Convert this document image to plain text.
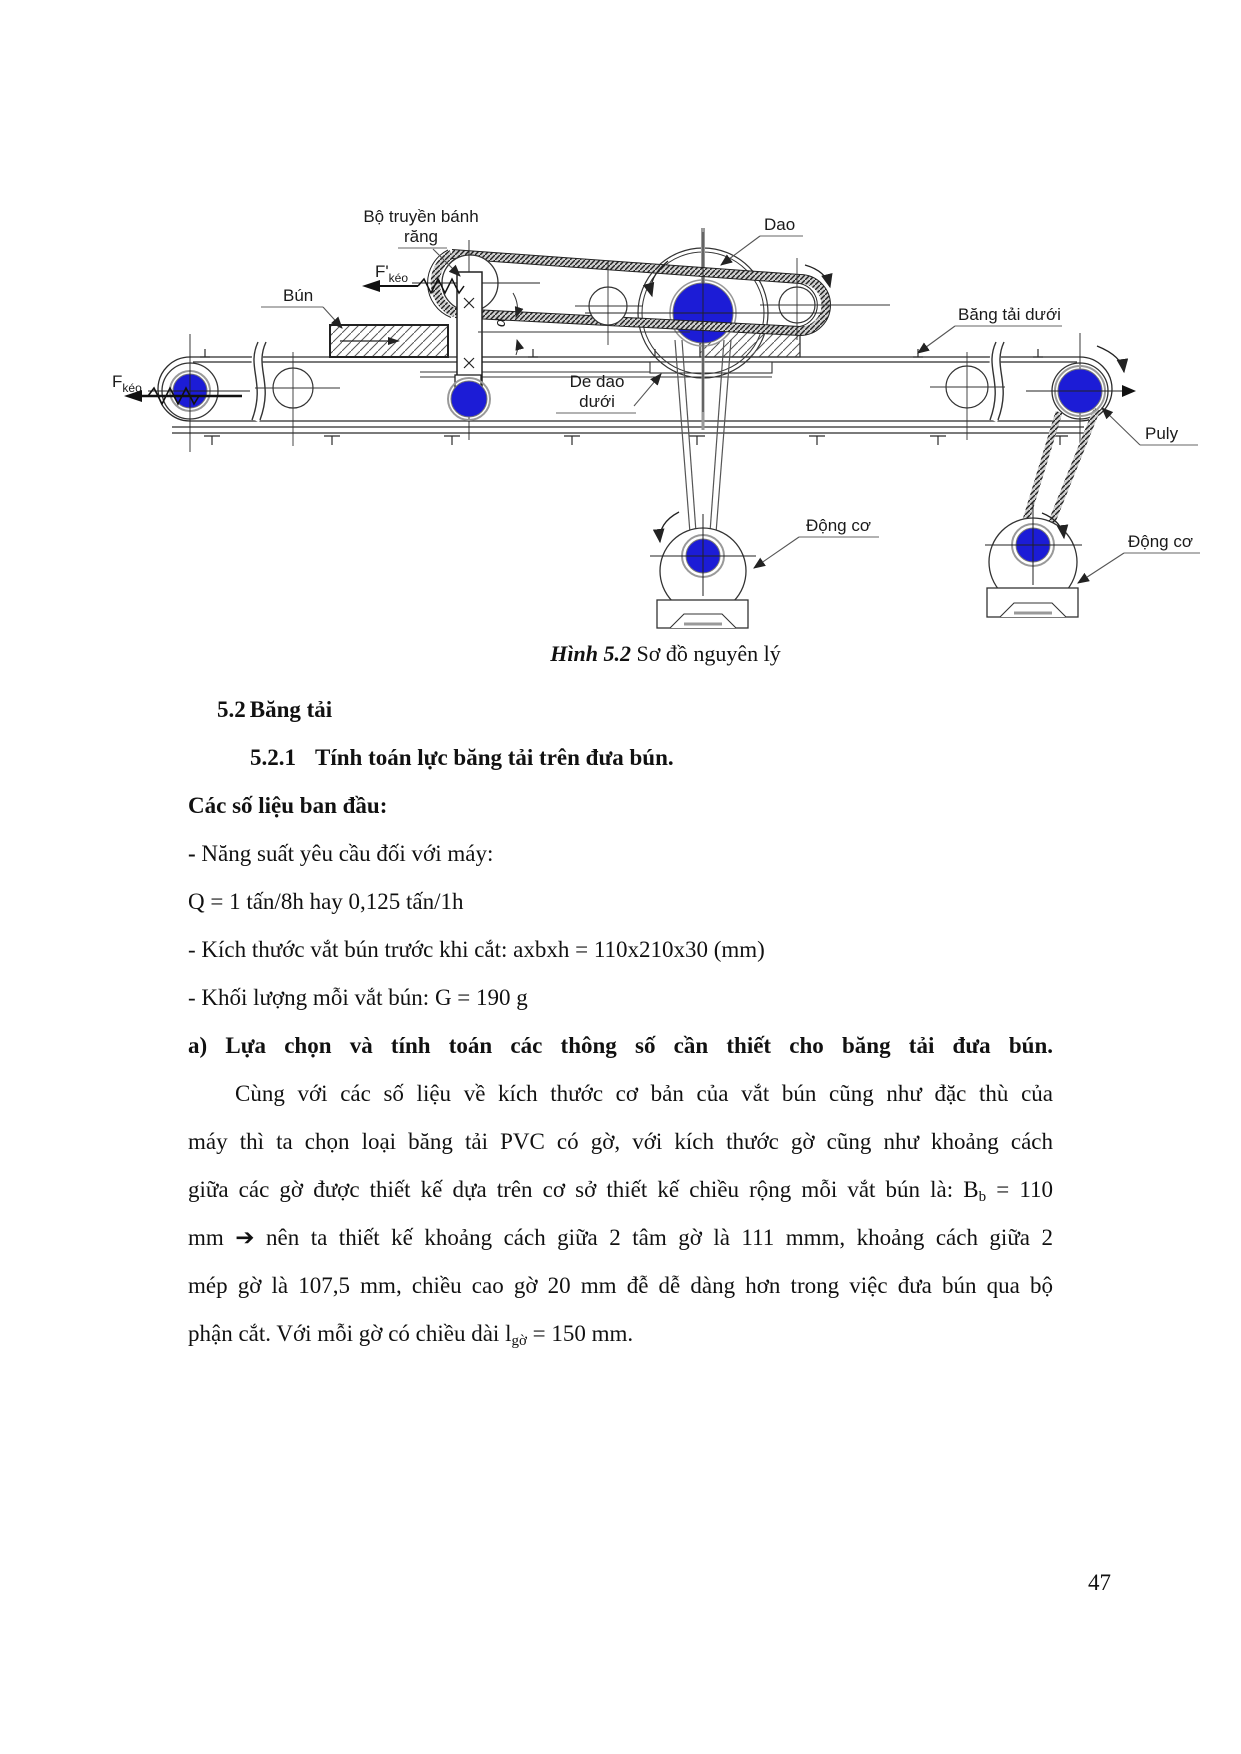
α
Bộ truyền bánh
răng
Dao
Bún
$F'_{kéo}$
$F_{kéo}$
Băng tải dưới
De dao
dưới
Puly
Động cơ
Động cơ
Hình 5.2 Sơ đồ nguyên lý
5.2 Băng tải
5.2.1 Tính toán lực băng tải trên đưa bún.
Các số liệu ban đầu:
- Năng suất yêu cầu đối với máy:
Q = 1 tấn/8h hay 0,125 tấn/1h
- Kích thước vắt bún trước khi cắt: axbxh = 110x210x30 (mm)
- Khối lượng mỗi vắt bún: G = 190 g
a) Lựa chọn và tính toán các thông số cần thiết cho băng tải đưa bún.
Cùng với các số liệu về kích thước cơ bản của vắt bún cũng như đặc thù của
máy thì ta chọn loại băng tải PVC có gờ, với kích thước gờ cũng như khoảng cách
giữa các gờ được thiết kế dựa trên cơ sở thiết kế chiều rộng mỗi vắt bún là: $B_b = 110$
mm ➔ nên ta thiết kế khoảng cách giữa 2 tâm gờ là 111 mmm, khoảng cách giữa 2
mép gờ là 107,5 mm, chiều cao gờ 20 mm đễ dễ dàng hơn trong việc đưa bún qua bộ
phận cắt. Với mỗi gờ có chiều dài $l_{gờ} = 150$ mm.
47
